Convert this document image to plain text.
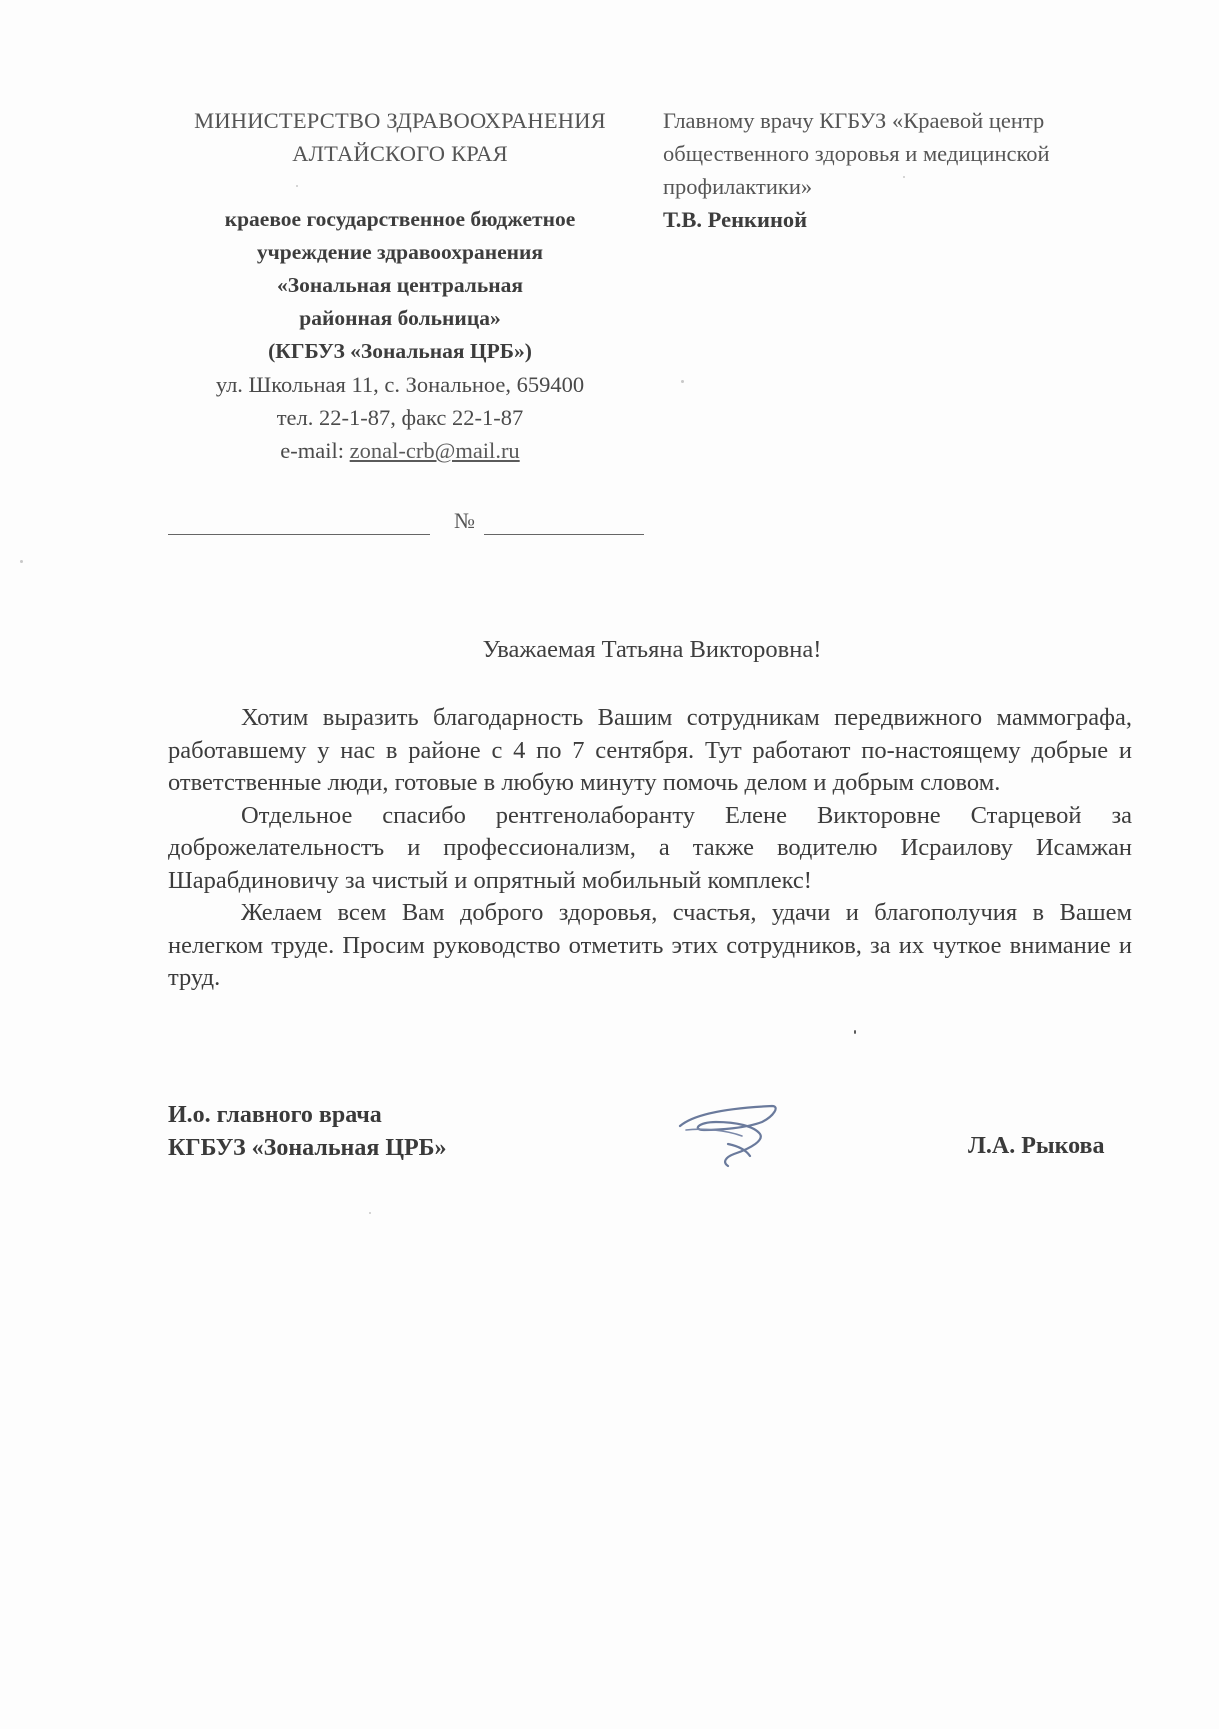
МИНИСТЕРСТВО ЗДРАВООХРАНЕНИЯ
АЛТАЙСКОГО КРАЯ
краевое государственное бюджетное
учреждение здравоохранения
«Зональная центральная
районная больница»
(КГБУЗ «Зональная ЦРБ»)
ул. Школьная 11, с. Зональное, 659400
тел. 22-1-87, факс 22-1-87
e-mail: zonal-crb@mail.ru
№
Главному врачу КГБУЗ «Краевой центр
общественного здоровья и медицинской
профилактики»
Т.В. Ренкиной
Уважаемая Татьяна Викторовна!

Хотим выразить благодарность Вашим сотрудникам передвижного маммографа, работавшему у нас в районе с 4 по 7 сентября. Тут работают по-настоящему добрые и ответственные люди, готовые в любую минуту помочь делом и добрым словом.

Отдельное спасибо рентгенолаборанту Елене Викторовне Старцевой за доброжелательностъ и профессионализм, а также водителю Исраилову Исамжан Шарабдиновичу за чистый и опрятный мобильный комплекс!

Желаем всем Вам доброго здоровья, счастья, удачи и благополучия в Вашем нелегком труде. Просим руководство отметить этих сотрудников, за их чуткое внимание и труд.

И.о. главного врача
КГБУЗ «Зональная ЦРБ»	Л.А. Рыкова
